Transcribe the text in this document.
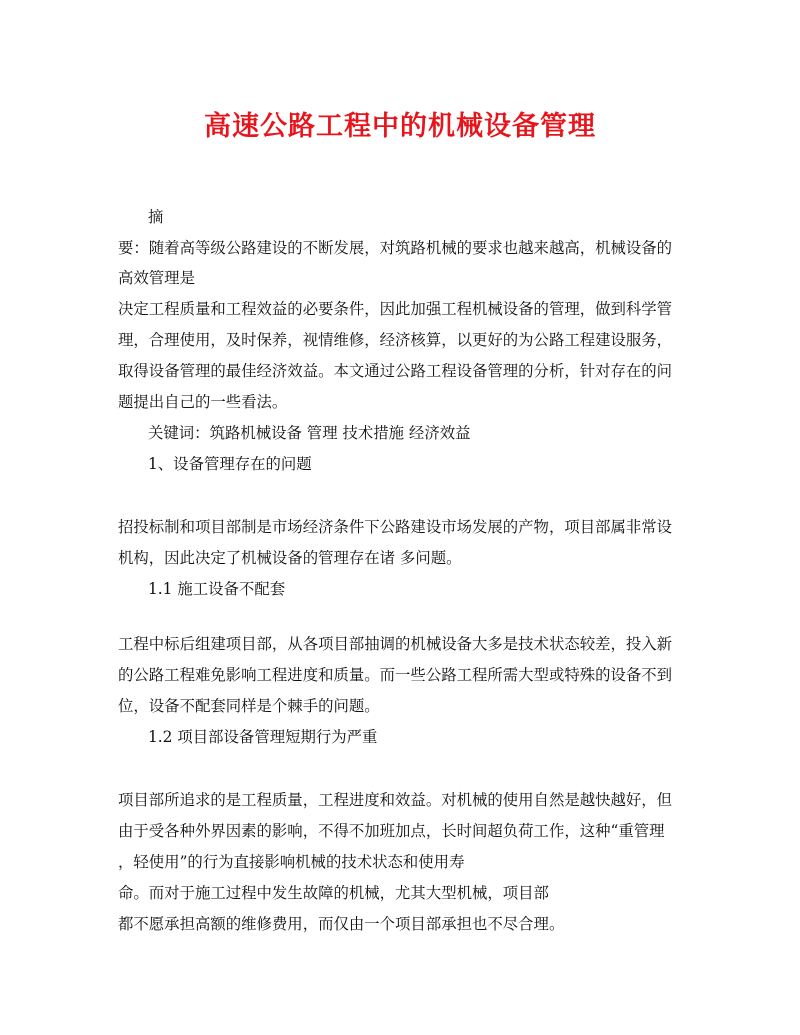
高速公路工程中的机械设备管理
摘
要：随着高等级公路建设的不断发展，对筑路机械的要求也越来越高，机械设备的
高效管理是
决定工程质量和工程效益的必要条件，因此加强工程机械设备的管理，做到科学管
理，合理使用，及时保养，视情维修，经济核算，以更好的为公路工程建设服务，
取得设备管理的最佳经济效益。本文通过公路工程设备管理的分析，针对存在的问
题提出自己的一些看法。
关键词：筑路机械设备 管理 技术措施 经济效益
1、设备管理存在的问题
招投标制和项目部制是市场经济条件下公路建设市场发展的产物，项目部属非常设
机构，因此决定了机械设备的管理存在诸 多问题。
1.1 施工设备不配套
工程中标后组建项目部，从各项目部抽调的机械设备大多是技术状态较差，投入新
的公路工程难免影响工程进度和质量。而一些公路工程所需大型或特殊的设备不到
位，设备不配套同样是个棘手的问题。
1.2 项目部设备管理短期行为严重
项目部所追求的是工程质量，工程进度和效益。对机械的使用自然是越快越好，但
由于受各种外界因素的影响，不得不加班加点，长时间超负荷工作，这种“重管理
，轻使用”的行为直接影响机械的技术状态和使用寿
命。而对于施工过程中发生故障的机械，尤其大型机械，项目部
都不愿承担高额的维修费用，而仅由一个项目部承担也不尽合理。
